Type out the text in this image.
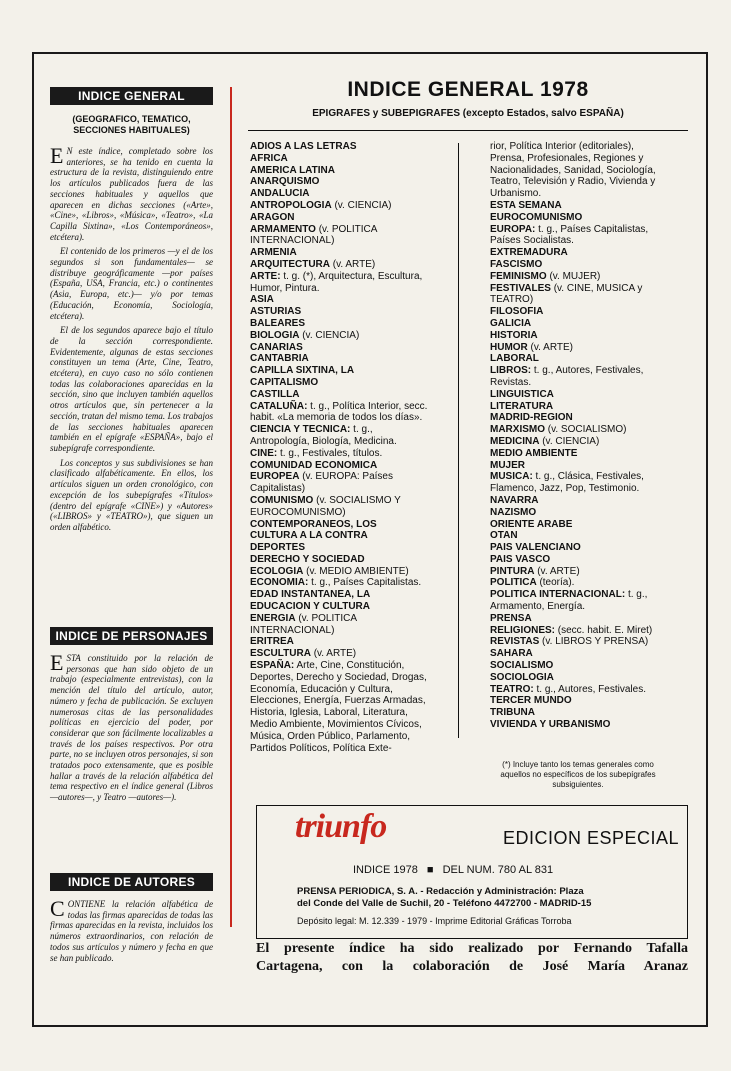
INDICE GENERAL
(GEOGRAFICO, TEMATICO, SECCIONES HABITUALES)

E N este índice, completado sobre los anteriores, se ha tenido en cuenta la estructura de la revista, distinguiendo entre los artículos publicados fuera de las secciones habituales y aquellos que aparecen en dichas secciones («Arte», «Cine», «Libros», «Música», «Teatro», «La Capilla Sixtina», «Los Contemporáneos», etcétera).

El contenido de los primeros —y el de los segundos si son fundamentales— se distribuye geográficamente —por países (España, USA, Francia, etc.) o continentes (Asia, Europa, etc.)— y/o por temas (Educación, Economía, Sociología, etcétera).

El de los segundos aparece bajo el título de la sección correspondiente. Evidentemente, algunas de estas secciones constituyen un tema (Arte, Cine, Teatro, etcétera), en cuyo caso no sólo contienen todas las colaboraciones aparecidas en la sección, sino que incluyen también aquellos otros artículos que, sin pertenecer a la sección, tratan del mismo tema. Los trabajos de las secciones habituales aparecen también en el epígrafe «ESPAÑA», bajo el subepígrafe correspondiente.

Los conceptos y sus subdivisiones se han clasificado alfabéticamente. En ellos, los artículos siguen un orden cronológico, con excepción de los subepígrafes «Títulos» (dentro del epígrafe «CINE») y «Autores» («LIBROS» y «TEATRO»), que siguen un orden alfabético.

INDICE DE PERSONAJES

ESTA constituido por la relación de personas que han sido objeto de un trabajo (especialmente entrevistas), con la mención del título del artículo, autor, número y fecha de publicación. Se excluyen numerosas citas de las personalidades políticas en ejercicio del poder, por considerar que son fácilmente localizables a través de los países respectivos. Por otra parte, no se incluyen otros personajes, si son tratados poco extensamente, que es posible hallar a través de la relación alfabética del tema respectivo en el índice general (Libros —autores—, y Teatro —autores—).

INDICE DE AUTORES

CONTIENE la relación alfabética de todas las firmas aparecidas de todas las firmas aparecidas en la revista, incluidos los números extraordinarios, con relación de todos sus artículos y número y fecha en que se han publicado.

INDICE GENERAL 1978
EPIGRAFES y SUBEPIGRAFES (excepto Estados, salvo ESPAÑA)

ADIOS A LAS LETRAS

AFRICA

AMERICA LATINA

ANARQUISMO

ANDALUCIA

ANTROPOLOGIA (v. CIENCIA)

ARAGON

ARMAMENTO (v. POLITICA INTERNACIONAL)

ARMENIA

ARQUITECTURA (v. ARTE)

ARTE: t. g. (*), Arquitectura, Escultura, Humor, Pintura.

ASIA

ASTURIAS

BALEARES

BIOLOGIA (v. CIENCIA)

CANARIAS

CANTABRIA

CAPILLA SIXTINA, LA

CAPITALISMO

CASTILLA

CATALUÑA: t. g., Política Interior, secc. habit. «La memoria de todos los días».

CIENCIA Y TECNICA: t. g., Antropología, Biología, Medicina.

CINE: t. g., Festivales, títulos.

COMUNIDAD ECONOMICA EUROPEA (v. EUROPA: Países Capitalistas)

COMUNISMO (v. SOCIALISMO Y EUROCOMUNISMO)

CONTEMPORANEOS, LOS

CULTURA A LA CONTRA

DEPORTES

DERECHO Y SOCIEDAD

ECOLOGIA (v. MEDIO AMBIENTE)

ECONOMIA: t. g., Países Capitalistas.

EDAD INSTANTANEA, LA

EDUCACION Y CULTURA

ENERGIA (v. POLITICA INTERNACIONAL)

ERITREA

ESCULTURA (v. ARTE)

ESPAÑA: Arte, Cine, Constitución, Deportes, Derecho y Sociedad, Drogas, Economía, Educación y Cultura, Elecciones, Energía, Fuerzas Armadas, Historia, Iglesia, Laboral, Literatura, Medio Ambiente, Movimientos Cívicos, Música, Orden Público, Parlamento, Partidos Políticos, Política Exte-

rior, Política Interior (editoriales), Prensa, Profesionales, Regiones y Nacionalidades, Sanidad, Sociología, Teatro, Televisión y Radio, Vivienda y Urbanismo.

ESTA SEMANA

EUROCOMUNISMO

EUROPA: t. g., Países Capitalistas, Países Socialistas.

EXTREMADURA

FASCISMO

FEMINISMO (v. MUJER)

FESTIVALES (v. CINE, MUSICA y TEATRO)

FILOSOFIA

GALICIA

HISTORIA

HUMOR (v. ARTE)

LABORAL

LIBROS: t. g., Autores, Festivales, Revistas.

LINGUISTICA

LITERATURA

MADRID-REGION

MARXISMO (v. SOCIALISMO)

MEDICINA (v. CIENCIA)

MEDIO AMBIENTE

MUJER

MUSICA: t. g., Clásica, Festivales, Flamenco, Jazz, Pop, Testimonio.

NAVARRA

NAZISMO

ORIENTE ARABE

OTAN

PAIS VALENCIANO

PAIS VASCO

PINTURA (v. ARTE)

POLITICA (teoría).

POLITICA INTERNACIONAL: t. g., Armamento, Energía.

PRENSA

RELIGIONES: (secc. habit. E. Miret)

REVISTAS (v. LIBROS Y PRENSA)

SAHARA

SOCIALISMO

SOCIOLOGIA

TEATRO: t. g., Autores, Festivales.

TERCER MUNDO

TRIBUNA

VIVIENDA Y URBANISMO

(*) Incluye tanto los temas generales como aquellos no específicos de los subepígrafes subsiguientes.
triunfo	EDICION ESPECIAL
INDICE 1978 ■ DEL NUM. 780 AL 831
PRENSA PERIODICA, S. A. - Redacción y Administración: Plaza
del Conde del Valle de Suchil, 20 - Teléfono 4472700 - MADRID-15
Depósito legal: M. 12.339 - 1979 - Imprime Editorial Gráficas Torroba
El presente índice ha sido realizado por Fernando Tafalla
Cartagena, con la colaboración de José María Aranaz
